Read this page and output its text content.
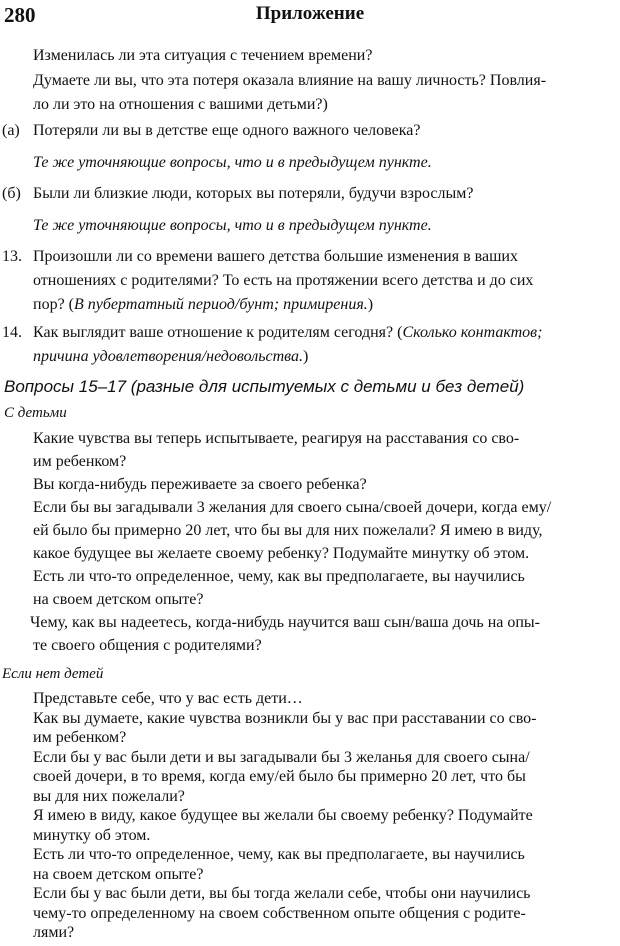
280	Приложение
Изменилась ли эта ситуация с течением времени?
Думаете ли вы, что эта потеря оказала влияние на вашу личность? Повлия-
ло ли это на отношения с вашими детьми?)
(а) Потеряли ли вы в детстве еще одного важного человека?
Те же уточняющие вопросы, что и в предыдущем пункте.
(б) Были ли близкие люди, которых вы потеряли, будучи взрослым?
Те же уточняющие вопросы, что и в предыдущем пункте.
13. Произошли ли со времени вашего детства большие изменения в ваших
отношениях с родителями? То есть на протяжении всего детства и до сих
пор? (В пубертатный период/бунт; примирения.)
14. Как выглядит ваше отношение к родителям сегодня? (Сколько контактов;
причина удовлетворения/недовольства.)
Вопросы 15–17 (разные для испытуемых с детьми и без детей)
С детьми
Какие чувства вы теперь испытываете, реагируя на расставания со сво-
им ребенком?
Вы когда-нибудь переживаете за своего ребенка?
Если бы вы загадывали 3 желания для своего сына/своей дочери, когда ему/
ей было бы примерно 20 лет, что бы вы для них пожелали? Я имею в виду,
какое будущее вы желаете своему ребенку? Подумайте минутку об этом.
Есть ли что-то определенное, чему, как вы предполагаете, вы научились
на своем детском опыте?
Чему, как вы надеетесь, когда-нибудь научится ваш сын/ваша дочь на опы-
те своего общения с родителями?
Если нет детей
Представьте себе, что у вас есть дети…
Как вы думаете, какие чувства возникли бы у вас при расставании со сво-
им ребенком?
Если бы у вас были дети и вы загадывали бы 3 желанья для своего сына/
своей дочери, в то время, когда ему/ей было бы примерно 20 лет, что бы
вы для них пожелали?
Я имею в виду, какое будущее вы желали бы своему ребенку? Подумайте
минутку об этом.
Есть ли что-то определенное, чему, как вы предполагаете, вы научились
на своем детском опыте?
Если бы у вас были дети, вы бы тогда желали себе, чтобы они научились
чему-то определенному на своем собственном опыте общения с родите-
лями?
